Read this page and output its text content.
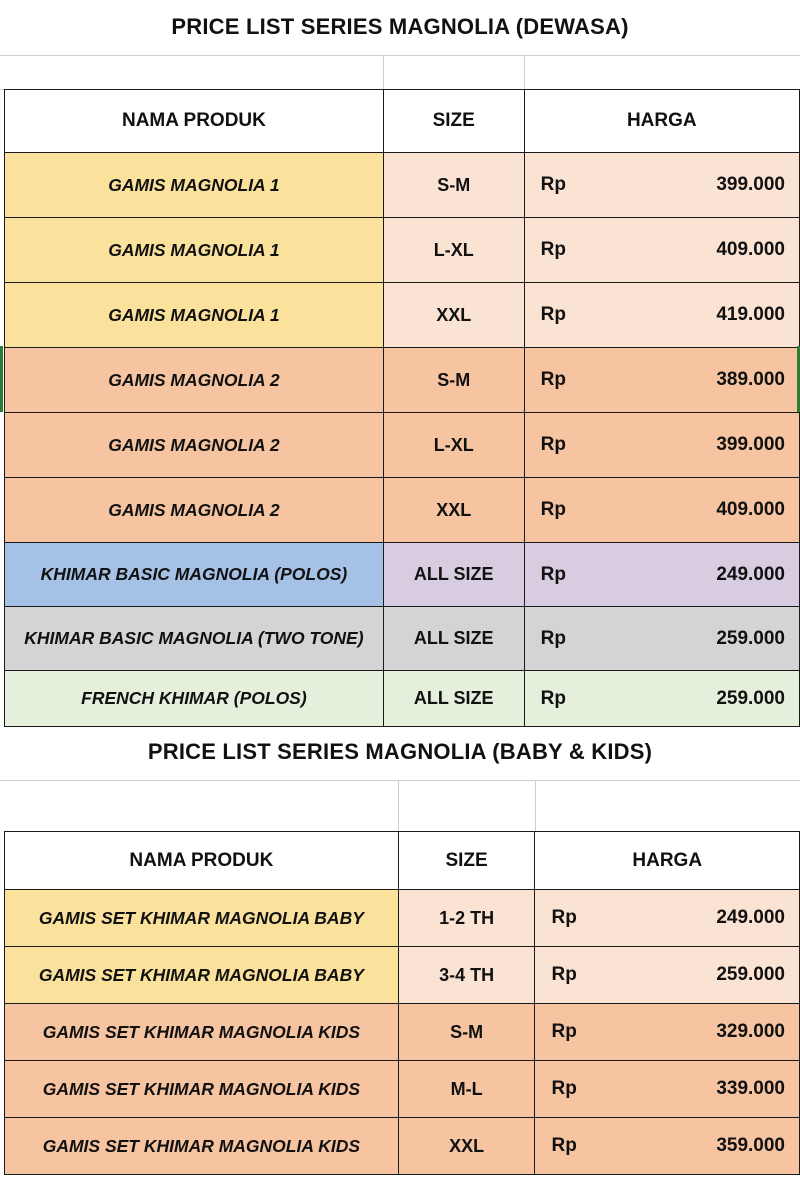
PRICE LIST SERIES MAGNOLIA (DEWASA)
NAMA PRODUK	SIZE	HARGA
GAMIS MAGNOLIA 1	S-M	Rp 399.000

GAMIS MAGNOLIA 1	L-XL	Rp 409.000

GAMIS MAGNOLIA 1	XXL	Rp 419.000

GAMIS MAGNOLIA 2	S-M	Rp 389.000

GAMIS MAGNOLIA 2	L-XL	Rp 399.000

GAMIS MAGNOLIA 2	XXL	Rp 409.000

KHIMAR BASIC MAGNOLIA (POLOS)	ALL SIZE	Rp 249.000

KHIMAR BASIC MAGNOLIA (TWO TONE)	ALL SIZE	Rp 259.000

FRENCH KHIMAR (POLOS)	ALL SIZE	Rp 259.000
PRICE LIST SERIES MAGNOLIA (BABY & KIDS)
NAMA PRODUK	SIZE	HARGA
GAMIS SET KHIMAR MAGNOLIA BABY	1-2 TH	Rp 249.000

GAMIS SET KHIMAR MAGNOLIA BABY	3-4 TH	Rp 259.000

GAMIS SET KHIMAR MAGNOLIA KIDS	S-M	Rp 329.000

GAMIS SET KHIMAR MAGNOLIA KIDS	M-L	Rp 339.000

GAMIS SET KHIMAR MAGNOLIA KIDS	XXL	Rp 359.000
